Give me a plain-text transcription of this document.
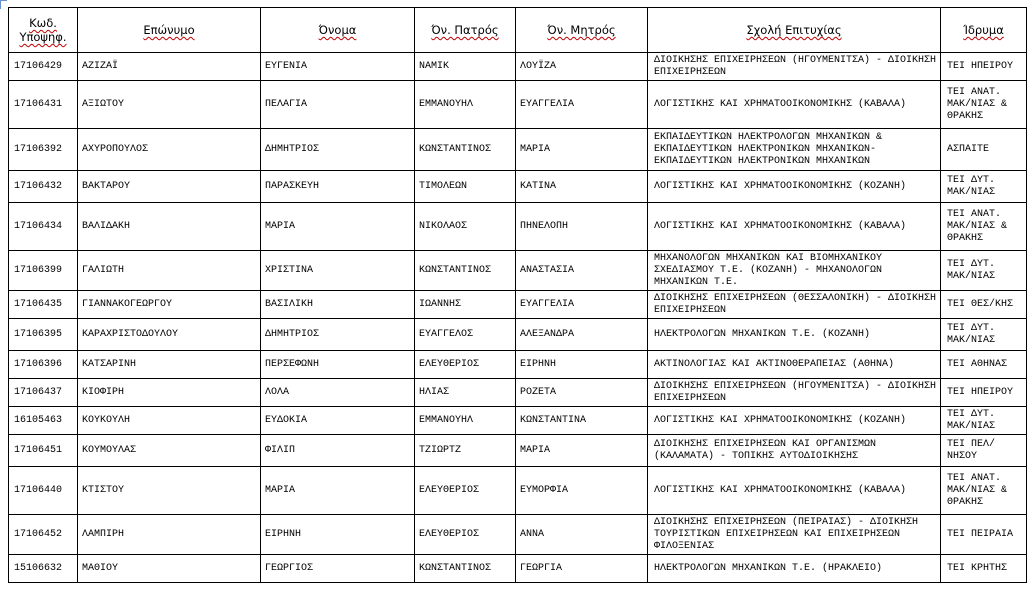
Κωδ. Υποψηφ.	Επώνυμο	Όνομα	Όν. Πατρός	Όν. Μητρός	Σχολή Επιτυχίας	Ίδρυμα
17106429	ΑΖΙΖΑΪ	ΕΥΓΕΝΙΑ	ΝΑΜΙΚ	ΛΟΥΪΖΑ	ΔΙΟΙΚΗΣΗΣ ΕΠΙΧΕΙΡΗΣΕΩΝ (ΗΓΟΥΜΕΝΙΤΣΑ) - ΔΙΟΙΚΗΣΗ ΕΠΙΧΕΙΡΗΣΕΩΝ	ΤΕΙ ΗΠΕΙΡΟΥ
17106431	ΑΞΙΩΤΟΥ	ΠΕΛΑΓΙΑ	ΕΜΜΑΝΟΥΗΛ	ΕΥΑΓΓΕΛΙΑ	ΛΟΓΙΣΤΙΚΗΣ ΚΑΙ ΧΡΗΜΑΤΟΟΙΚΟΝΟΜΙΚΗΣ (ΚΑΒΑΛΑ)	ΤΕΙ ΑΝΑΤ. ΜΑΚ/ΝΙΑΣ & ΘΡΑΚΗΣ
17106392	ΑΧΥΡΟΠΟΥΛΟΣ	ΔΗΜΗΤΡΙΟΣ	ΚΩΝΣΤΑΝΤΙΝΟΣ	ΜΑΡΙΑ	ΕΚΠΑΙΔΕΥΤΙΚΩΝ ΗΛΕΚΤΡΟΛΟΓΩΝ ΜΗΧΑΝΙΚΩΝ & ΕΚΠΑΙΔΕΥΤΙΚΩΝ ΗΛΕΚΤΡΟΝΙΚΩΝ ΜΗΧΑΝΙΚΩΝ- ΕΚΠΑΙΔΕΥΤΙΚΩΝ ΗΛΕΚΤΡΟΝΙΚΩΝ ΜΗΧΑΝΙΚΩΝ	ΑΣΠΑΙΤΕ
17106432	ΒΑΚΤΑΡΟΥ	ΠΑΡΑΣΚΕΥΗ	ΤΙΜΟΛΕΩΝ	ΚΑΤΙΝΑ	ΛΟΓΙΣΤΙΚΗΣ ΚΑΙ ΧΡΗΜΑΤΟΟΙΚΟΝΟΜΙΚΗΣ (ΚΟΖΑΝΗ)	ΤΕΙ ΔΥΤ. ΜΑΚ/ΝΙΑΣ
17106434	ΒΑΛΙΔΑΚΗ	ΜΑΡΙΑ	ΝΙΚΟΛΑΟΣ	ΠΗΝΕΛΟΠΗ	ΛΟΓΙΣΤΙΚΗΣ ΚΑΙ ΧΡΗΜΑΤΟΟΙΚΟΝΟΜΙΚΗΣ (ΚΑΒΑΛΑ)	ΤΕΙ ΑΝΑΤ. ΜΑΚ/ΝΙΑΣ & ΘΡΑΚΗΣ
17106399	ΓΑΛΙΩΤΗ	ΧΡΙΣΤΙΝΑ	ΚΩΝΣΤΑΝΤΙΝΟΣ	ΑΝΑΣΤΑΣΙΑ	ΜΗΧΑΝΟΛΟΓΩΝ ΜΗΧΑΝΙΚΩΝ ΚΑΙ ΒΙΟΜΗΧΑΝΙΚΟΥ ΣΧΕΔΙΑΣΜΟΥ Τ.Ε. (ΚΟΖΑΝΗ) - ΜΗΧΑΝΟΛΟΓΩΝ ΜΗΧΑΝΙΚΩΝ Τ.Ε.	ΤΕΙ ΔΥΤ. ΜΑΚ/ΝΙΑΣ
17106435	ΓΙΑΝΝΑΚΟΓΕΩΡΓΟΥ	ΒΑΣΙΛΙΚΗ	ΙΩΑΝΝΗΣ	ΕΥΑΓΓΕΛΙΑ	ΔΙΟΙΚΗΣΗΣ ΕΠΙΧΕΙΡΗΣΕΩΝ (ΘΕΣΣΑΛΟΝΙΚΗ) - ΔΙΟΙΚΗΣΗ ΕΠΙΧΕΙΡΗΣΕΩΝ	ΤΕΙ ΘΕΣ/ΚΗΣ
17106395	ΚΑΡΑΧΡΙΣΤΟΔΟΥΛΟΥ	ΔΗΜΗΤΡΙΟΣ	ΕΥΑΓΓΕΛΟΣ	ΑΛΕΞΑΝΔΡΑ	ΗΛΕΚΤΡΟΛΟΓΩΝ ΜΗΧΑΝΙΚΩΝ Τ.Ε. (ΚΟΖΑΝΗ)	ΤΕΙ ΔΥΤ. ΜΑΚ/ΝΙΑΣ
17106396	ΚΑΤΣΑΡΙΝΗ	ΠΕΡΣΕΦΩΝΗ	ΕΛΕΥΘΕΡΙΟΣ	ΕΙΡΗΝΗ	ΑΚΤΙΝΟΛΟΓΙΑΣ ΚΑΙ ΑΚΤΙΝΟΘΕΡΑΠΕΙΑΣ (ΑΘΗΝΑ)	ΤΕΙ ΑΘΗΝΑΣ
17106437	ΚΙΟΦΙΡΗ	ΛΟΛΑ	ΗΛΙΑΣ	ΡΟΖΕΤΑ	ΔΙΟΙΚΗΣΗΣ ΕΠΙΧΕΙΡΗΣΕΩΝ (ΗΓΟΥΜΕΝΙΤΣΑ) - ΔΙΟΙΚΗΣΗ ΕΠΙΧΕΙΡΗΣΕΩΝ	ΤΕΙ ΗΠΕΙΡΟΥ
16105463	ΚΟΥΚΟΥΛΗ	ΕΥΔΟΚΙΑ	ΕΜΜΑΝΟΥΗΛ	ΚΩΝΣΤΑΝΤΙΝΑ	ΛΟΓΙΣΤΙΚΗΣ ΚΑΙ ΧΡΗΜΑΤΟΟΙΚΟΝΟΜΙΚΗΣ (ΚΟΖΑΝΗ)	ΤΕΙ ΔΥΤ. ΜΑΚ/ΝΙΑΣ
17106451	ΚΟΥΜΟΥΛΑΣ	ΦΙΛΙΠ	ΤΖΙΩΡΤΖ	ΜΑΡΙΑ	ΔΙΟΙΚΗΣΗΣ ΕΠΙΧΕΙΡΗΣΕΩΝ ΚΑΙ ΟΡΓΑΝΙΣΜΩΝ (ΚΑΛΑΜΑΤΑ) - ΤΟΠΙΚΗΣ ΑΥΤΟΔΙΟΙΚΗΣΗΣ	ΤΕΙ ΠΕΛ/ΝΗΣΟΥ
17106440	ΚΤΙΣΤΟΥ	ΜΑΡΙΑ	ΕΛΕΥΘΕΡΙΟΣ	ΕΥΜΟΡΦΙΑ	ΛΟΓΙΣΤΙΚΗΣ ΚΑΙ ΧΡΗΜΑΤΟΟΙΚΟΝΟΜΙΚΗΣ (ΚΑΒΑΛΑ)	ΤΕΙ ΑΝΑΤ. ΜΑΚ/ΝΙΑΣ & ΘΡΑΚΗΣ
17106452	ΛΑΜΠΙΡΗ	ΕΙΡΗΝΗ	ΕΛΕΥΘΕΡΙΟΣ	ΑΝΝΑ	ΔΙΟΙΚΗΣΗΣ ΕΠΙΧΕΙΡΗΣΕΩΝ (ΠΕΙΡΑΙΑΣ) - ΔΙΟΙΚΗΣΗ ΤΟΥΡΙΣΤΙΚΩΝ ΕΠΙΧΕΙΡΗΣΕΩΝ ΚΑΙ ΕΠΙΧΕΙΡΗΣΕΩΝ ΦΙΛΟΞΕΝΙΑΣ	ΤΕΙ ΠΕΙΡΑΙΑ
15106632	ΜΑΘΙΟΥ	ΓΕΩΡΓΙΟΣ	ΚΩΝΣΤΑΝΤΙΝΟΣ	ΓΕΩΡΓΙΑ	ΗΛΕΚΤΡΟΛΟΓΩΝ ΜΗΧΑΝΙΚΩΝ Τ.Ε. (ΗΡΑΚΛΕΙΟ)	ΤΕΙ ΚΡΗΤΗΣ
